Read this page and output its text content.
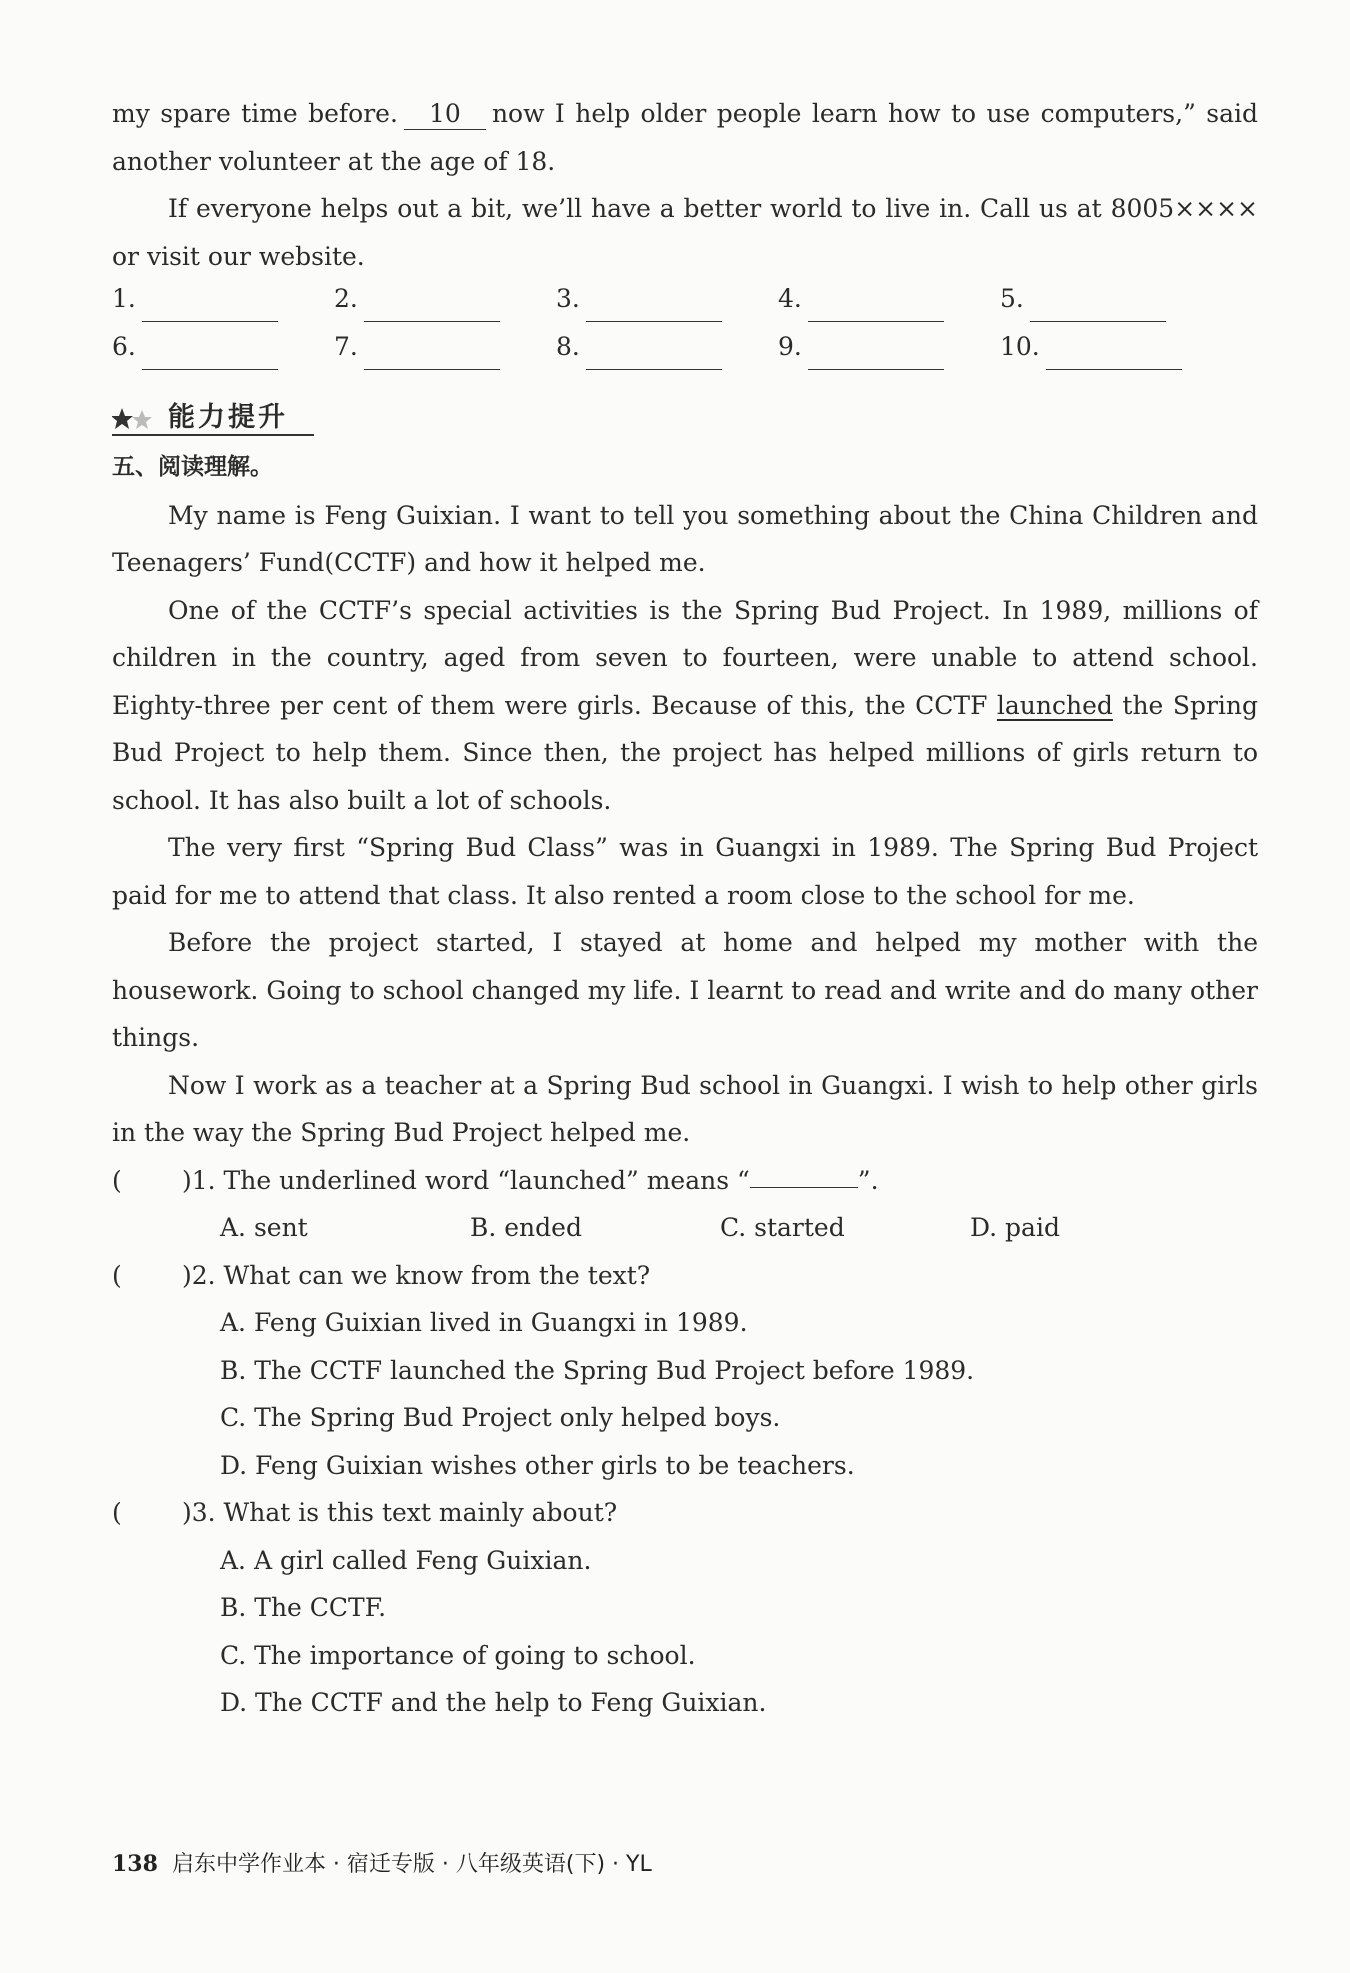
my spare time before. 10 now I help older people learn how to use computers,” said another volunteer at the age of 18.

If everyone helps out a bit, we’ll have a better world to live in. Call us at 8005×××× or visit our website.

1.	2.	3.	4.	5.
6.	7.	8.	9.	10.
能力提升
五、阅读理解。

My name is Feng Guixian. I want to tell you something about the China Children and Teenagers’ Fund(CCTF) and how it helped me.

One of the CCTF’s special activities is the Spring Bud Project. In 1989, millions of children in the country, aged from seven to fourteen, were unable to attend school. Eighty-three per cent of them were girls. Because of this, the CCTF launched the Spring Bud Project to help them. Since then, the project has helped millions of girls return to school. It has also built a lot of schools.

The very first “Spring Bud Class” was in Guangxi in 1989. The Spring Bud Project paid for me to attend that class. It also rented a room close to the school for me.

Before the project started, I stayed at home and helped my mother with the housework. Going to school changed my life. I learnt to read and write and do many other things.

Now I work as a teacher at a Spring Bud school in Guangxi. I wish to help other girls in the way the Spring Bud Project helped me.

(	)1. The underlined word “launched” means “	”.
A. sent	B. ended	C. started	D. paid
(	)2. What can we know from the text?
A. Feng Guixian lived in Guangxi in 1989.
B. The CCTF launched the Spring Bud Project before 1989.
C. The Spring Bud Project only helped boys.
D. Feng Guixian wishes other girls to be teachers.
(	)3. What is this text mainly about?
A. A girl called Feng Guixian.
B. The CCTF.
C. The importance of going to school.
D. The CCTF and the help to Feng Guixian.
138 启东中学作业本 · 宿迁专版 · 八年级英语(下) · YL
